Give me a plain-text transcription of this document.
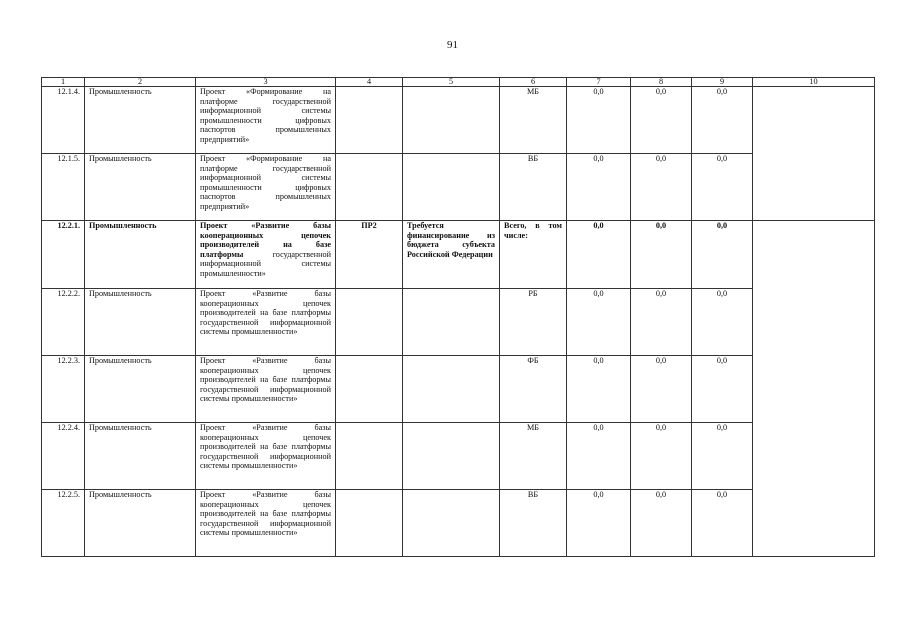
91
1	2	3	4	5	6	7	8	9	10
12.1.4.	Промышленность	Проект «Формирование на платформе государственной информационной системы промышленности цифровых паспортов промышленных предприятий»			МБ	0,0	0,0	0,0	
12.1.5.	Промышленность	Проект «Формирование на платформе государственной информационной системы промышленности цифровых паспортов промышленных предприятий»			ВБ	0,0	0,0	0,0	
12.2.1.	Промышленность	Проект «Развитие базы кооперационных цепочек производителей на базе платформы государственной информационной системы промышленности»	ПР2	Требуется финансирование из бюджета субъекта Российской Федерации	Всего, в том числе:	0,0	0,0	0,0	
12.2.2.	Промышленность	Проект «Развитие базы кооперационных цепочек производителей на базе платформы государственной информационной системы промышленности»			РБ	0,0	0,0	0,0	
12.2.3.	Промышленность	Проект «Развитие базы кооперационных цепочек производителей на базе платформы государственной информационной системы промышленности»			ФБ	0,0	0,0	0,0	
12.2.4.	Промышленность	Проект «Развитие базы кооперационных цепочек производителей на базе платформы государственной информационной системы промышленности»			МБ	0,0	0,0	0,0	
12.2.5.	Промышленность	Проект «Развитие базы кооперационных цепочек производителей на базе платформы государственной информационной системы промышленности»			ВБ	0,0	0,0	0,0	
